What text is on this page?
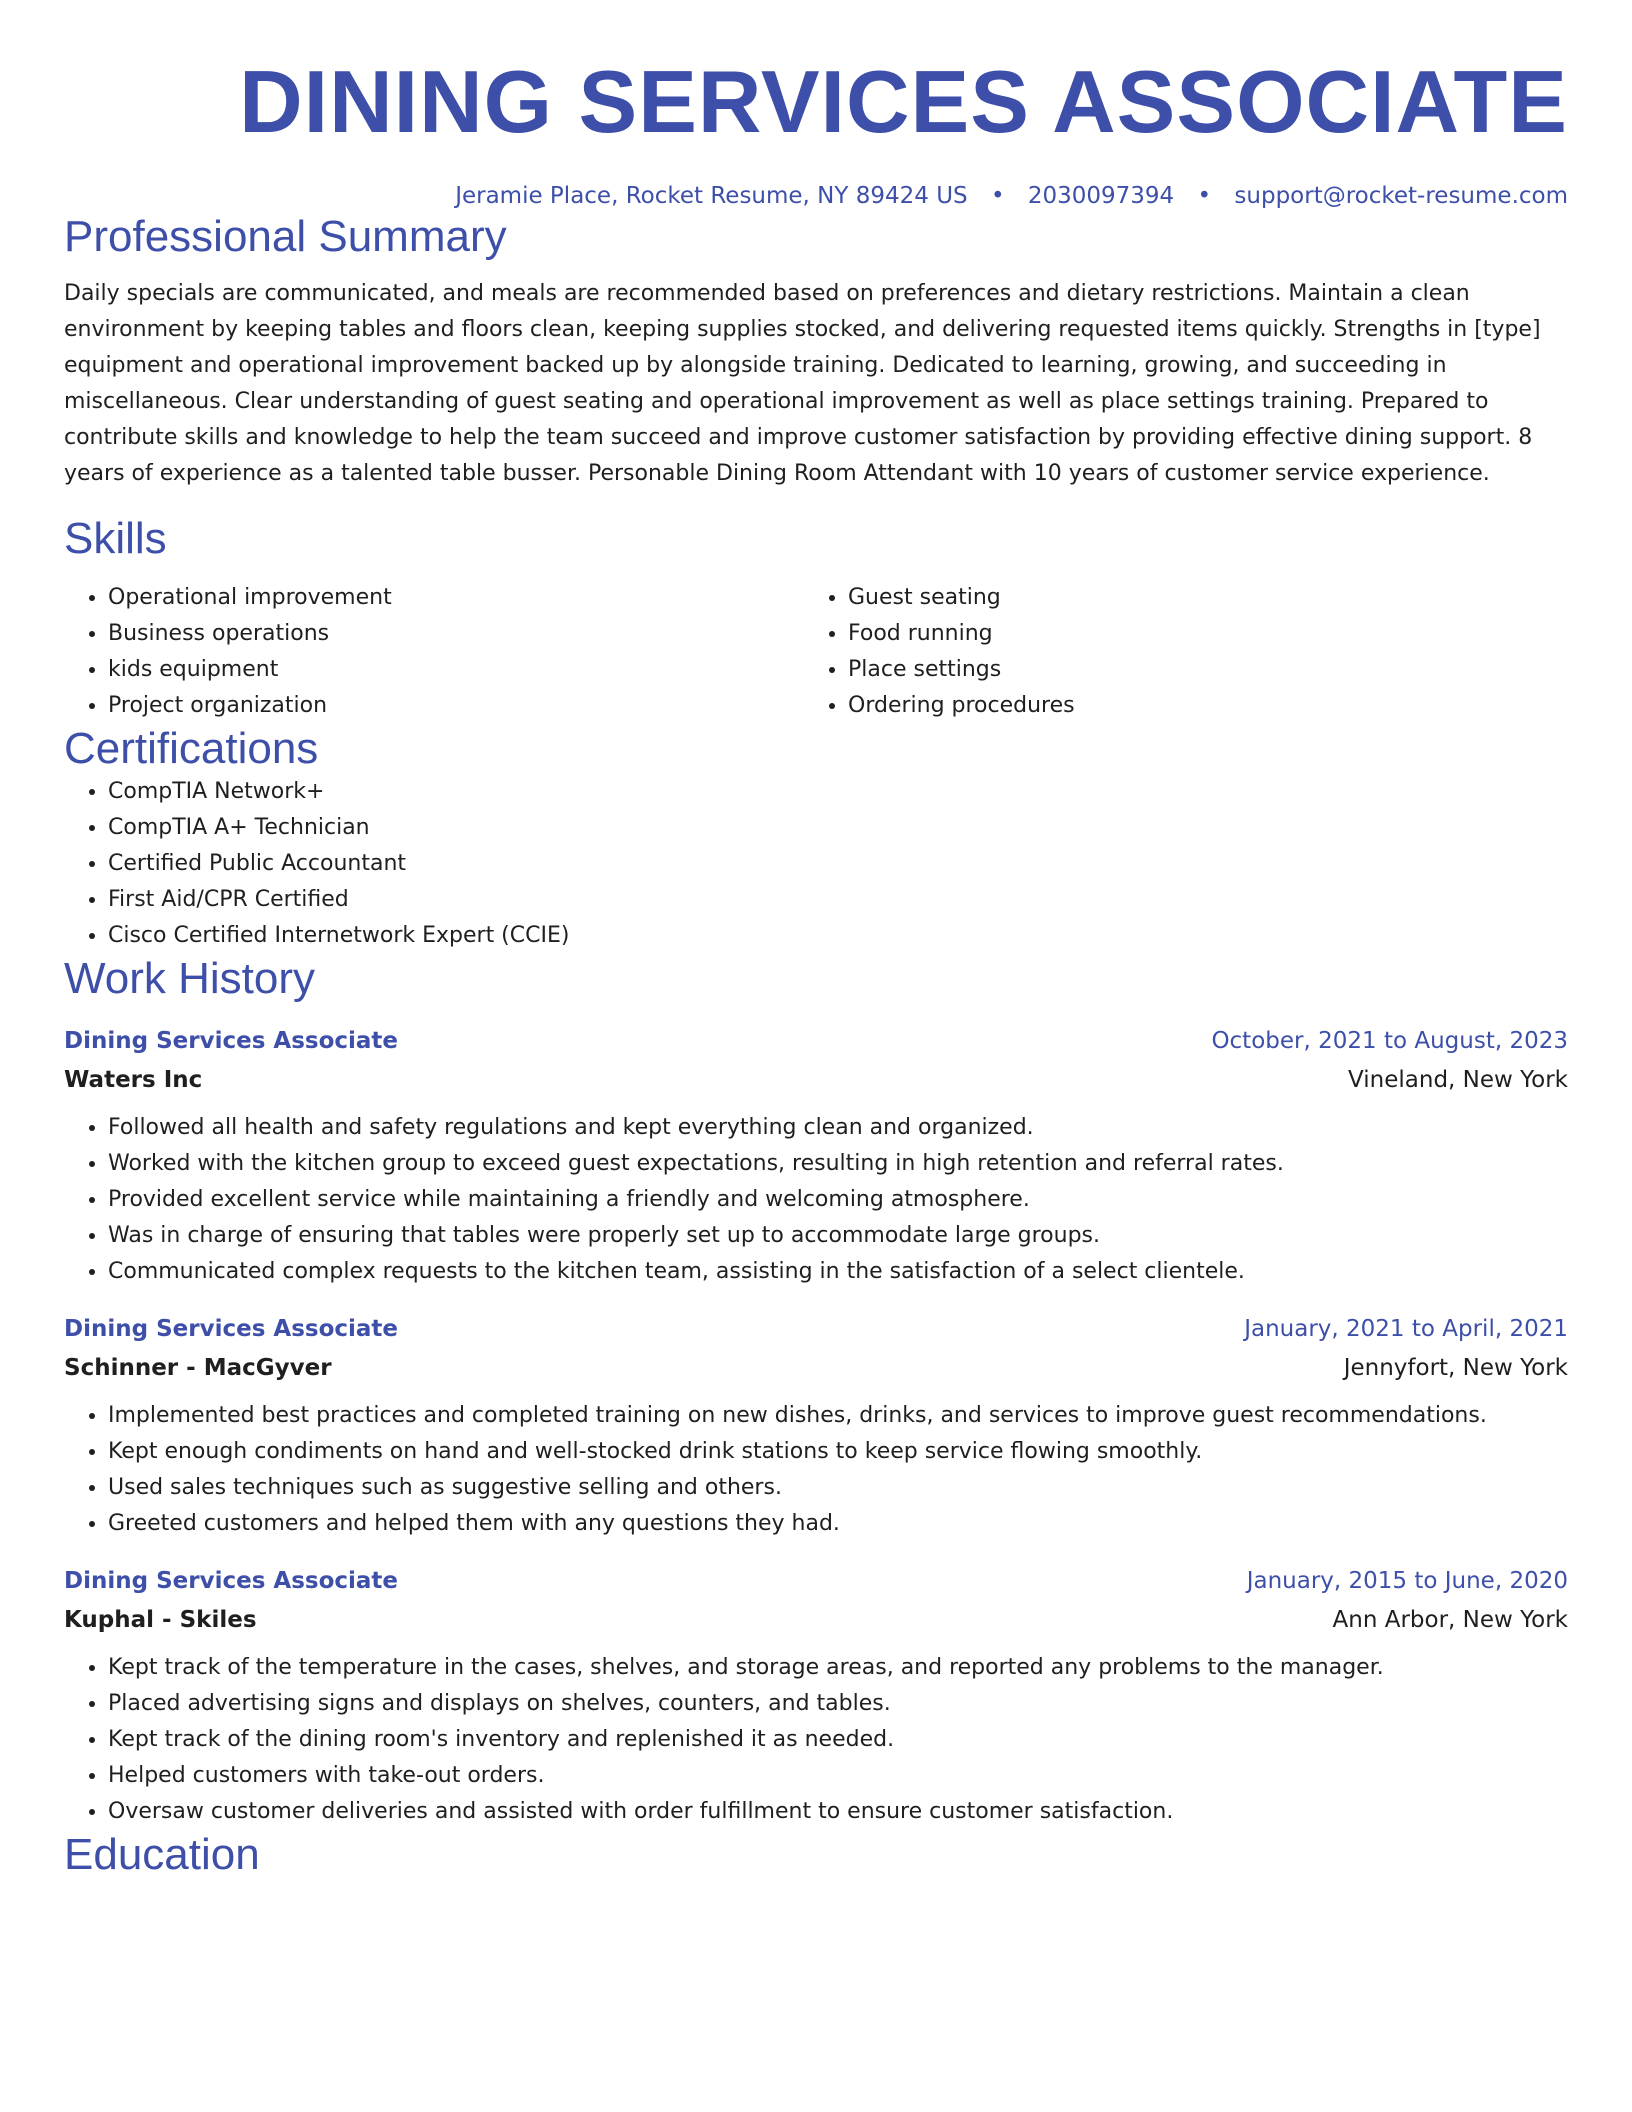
DINING SERVICES ASSOCIATE
Jeramie Place, Rocket Resume, NY 89424 US • 2030097394 • support@rocket-resume.com
Professional Summary

Daily specials are communicated, and meals are recommended based on preferences and dietary restrictions. Maintain a clean environment by keeping tables and floors clean, keeping supplies stocked, and delivering requested items quickly. Strengths in [type] equipment and operational improvement backed up by alongside training. Dedicated to learning, growing, and succeeding in miscellaneous. Clear understanding of guest seating and operational improvement as well as place settings training. Prepared to contribute skills and knowledge to help the team succeed and improve customer satisfaction by providing effective dining support. 8 years of experience as a talented table busser. Personable Dining Room Attendant with 10 years of customer service experience.

Skills
• Operational improvement
• Business operations
• kids equipment
• Project organization
• Guest seating
• Food running
• Place settings
• Ordering procedures
Certifications
• CompTIA Network+
• CompTIA A+ Technician
• Certified Public Accountant
• First Aid/CPR Certified
• Cisco Certified Internetwork Expert (CCIE)
Work History
Dining Services Associate	October, 2021 to August, 2023
Waters Inc	Vineland, New York
• Followed all health and safety regulations and kept everything clean and organized.
• Worked with the kitchen group to exceed guest expectations, resulting in high retention and referral rates.
• Provided excellent service while maintaining a friendly and welcoming atmosphere.
• Was in charge of ensuring that tables were properly set up to accommodate large groups.
• Communicated complex requests to the kitchen team, assisting in the satisfaction of a select clientele.
Dining Services Associate	January, 2021 to April, 2021
Schinner - MacGyver	Jennyfort, New York
• Implemented best practices and completed training on new dishes, drinks, and services to improve guest recommendations.
• Kept enough condiments on hand and well-stocked drink stations to keep service flowing smoothly.
• Used sales techniques such as suggestive selling and others.
• Greeted customers and helped them with any questions they had.
Dining Services Associate	January, 2015 to June, 2020
Kuphal - Skiles	Ann Arbor, New York
• Kept track of the temperature in the cases, shelves, and storage areas, and reported any problems to the manager.
• Placed advertising signs and displays on shelves, counters, and tables.
• Kept track of the dining room's inventory and replenished it as needed.
• Helped customers with take-out orders.
• Oversaw customer deliveries and assisted with order fulfillment to ensure customer satisfaction.
Education
